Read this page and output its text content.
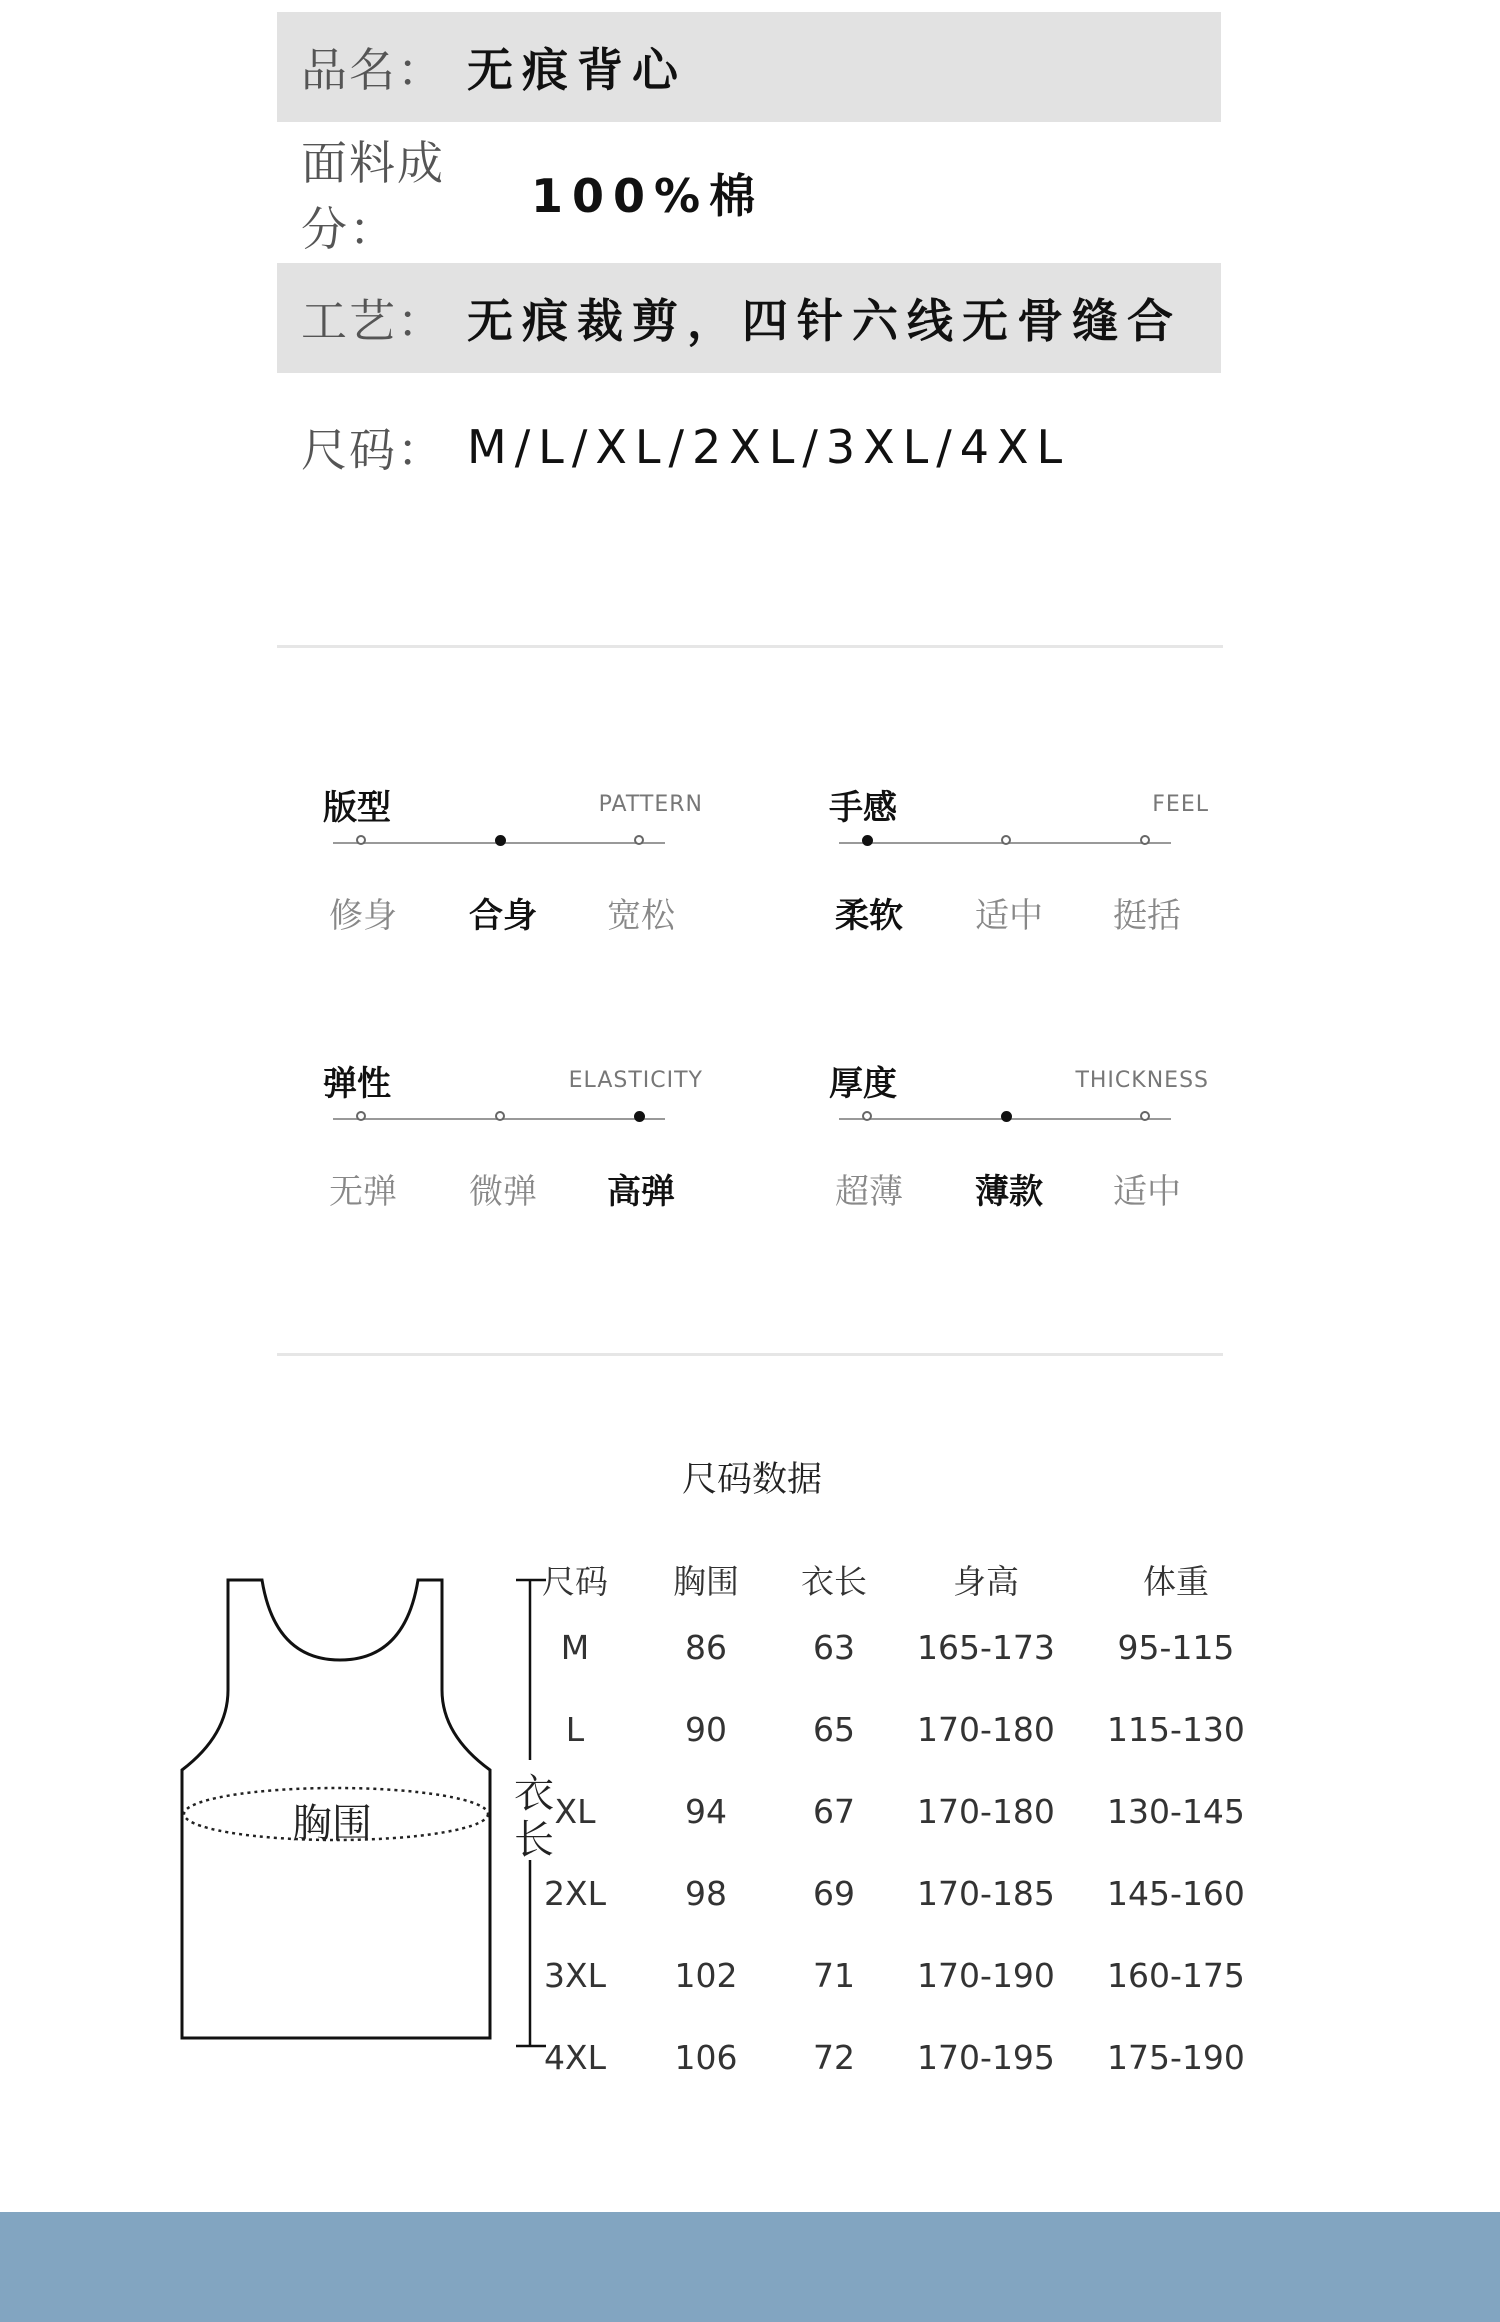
品名： 无痕背心
面料成分：
100%棉
工艺： 无痕裁剪，四针六线无骨缝合
尺码： M/L/XL/2XL/3XL/4XL
版型	PATTERN
修身	合身	宽松
手感	FEEL
柔软	适中	挺括
弹性	ELASTICITY
无弹	微弹	高弹
厚度	THICKNESS
超薄	薄款	适中
尺码数据
胸围
衣
长
尺码	胸围	衣长	身高	体重
M	86	63	165-173	95-115
L	90	65	170-180	115-130
XL	94	67	170-180	130-145
2XL	98	69	170-185	145-160
3XL	102	71	170-190	160-175
4XL	106	72	170-195	175-190
